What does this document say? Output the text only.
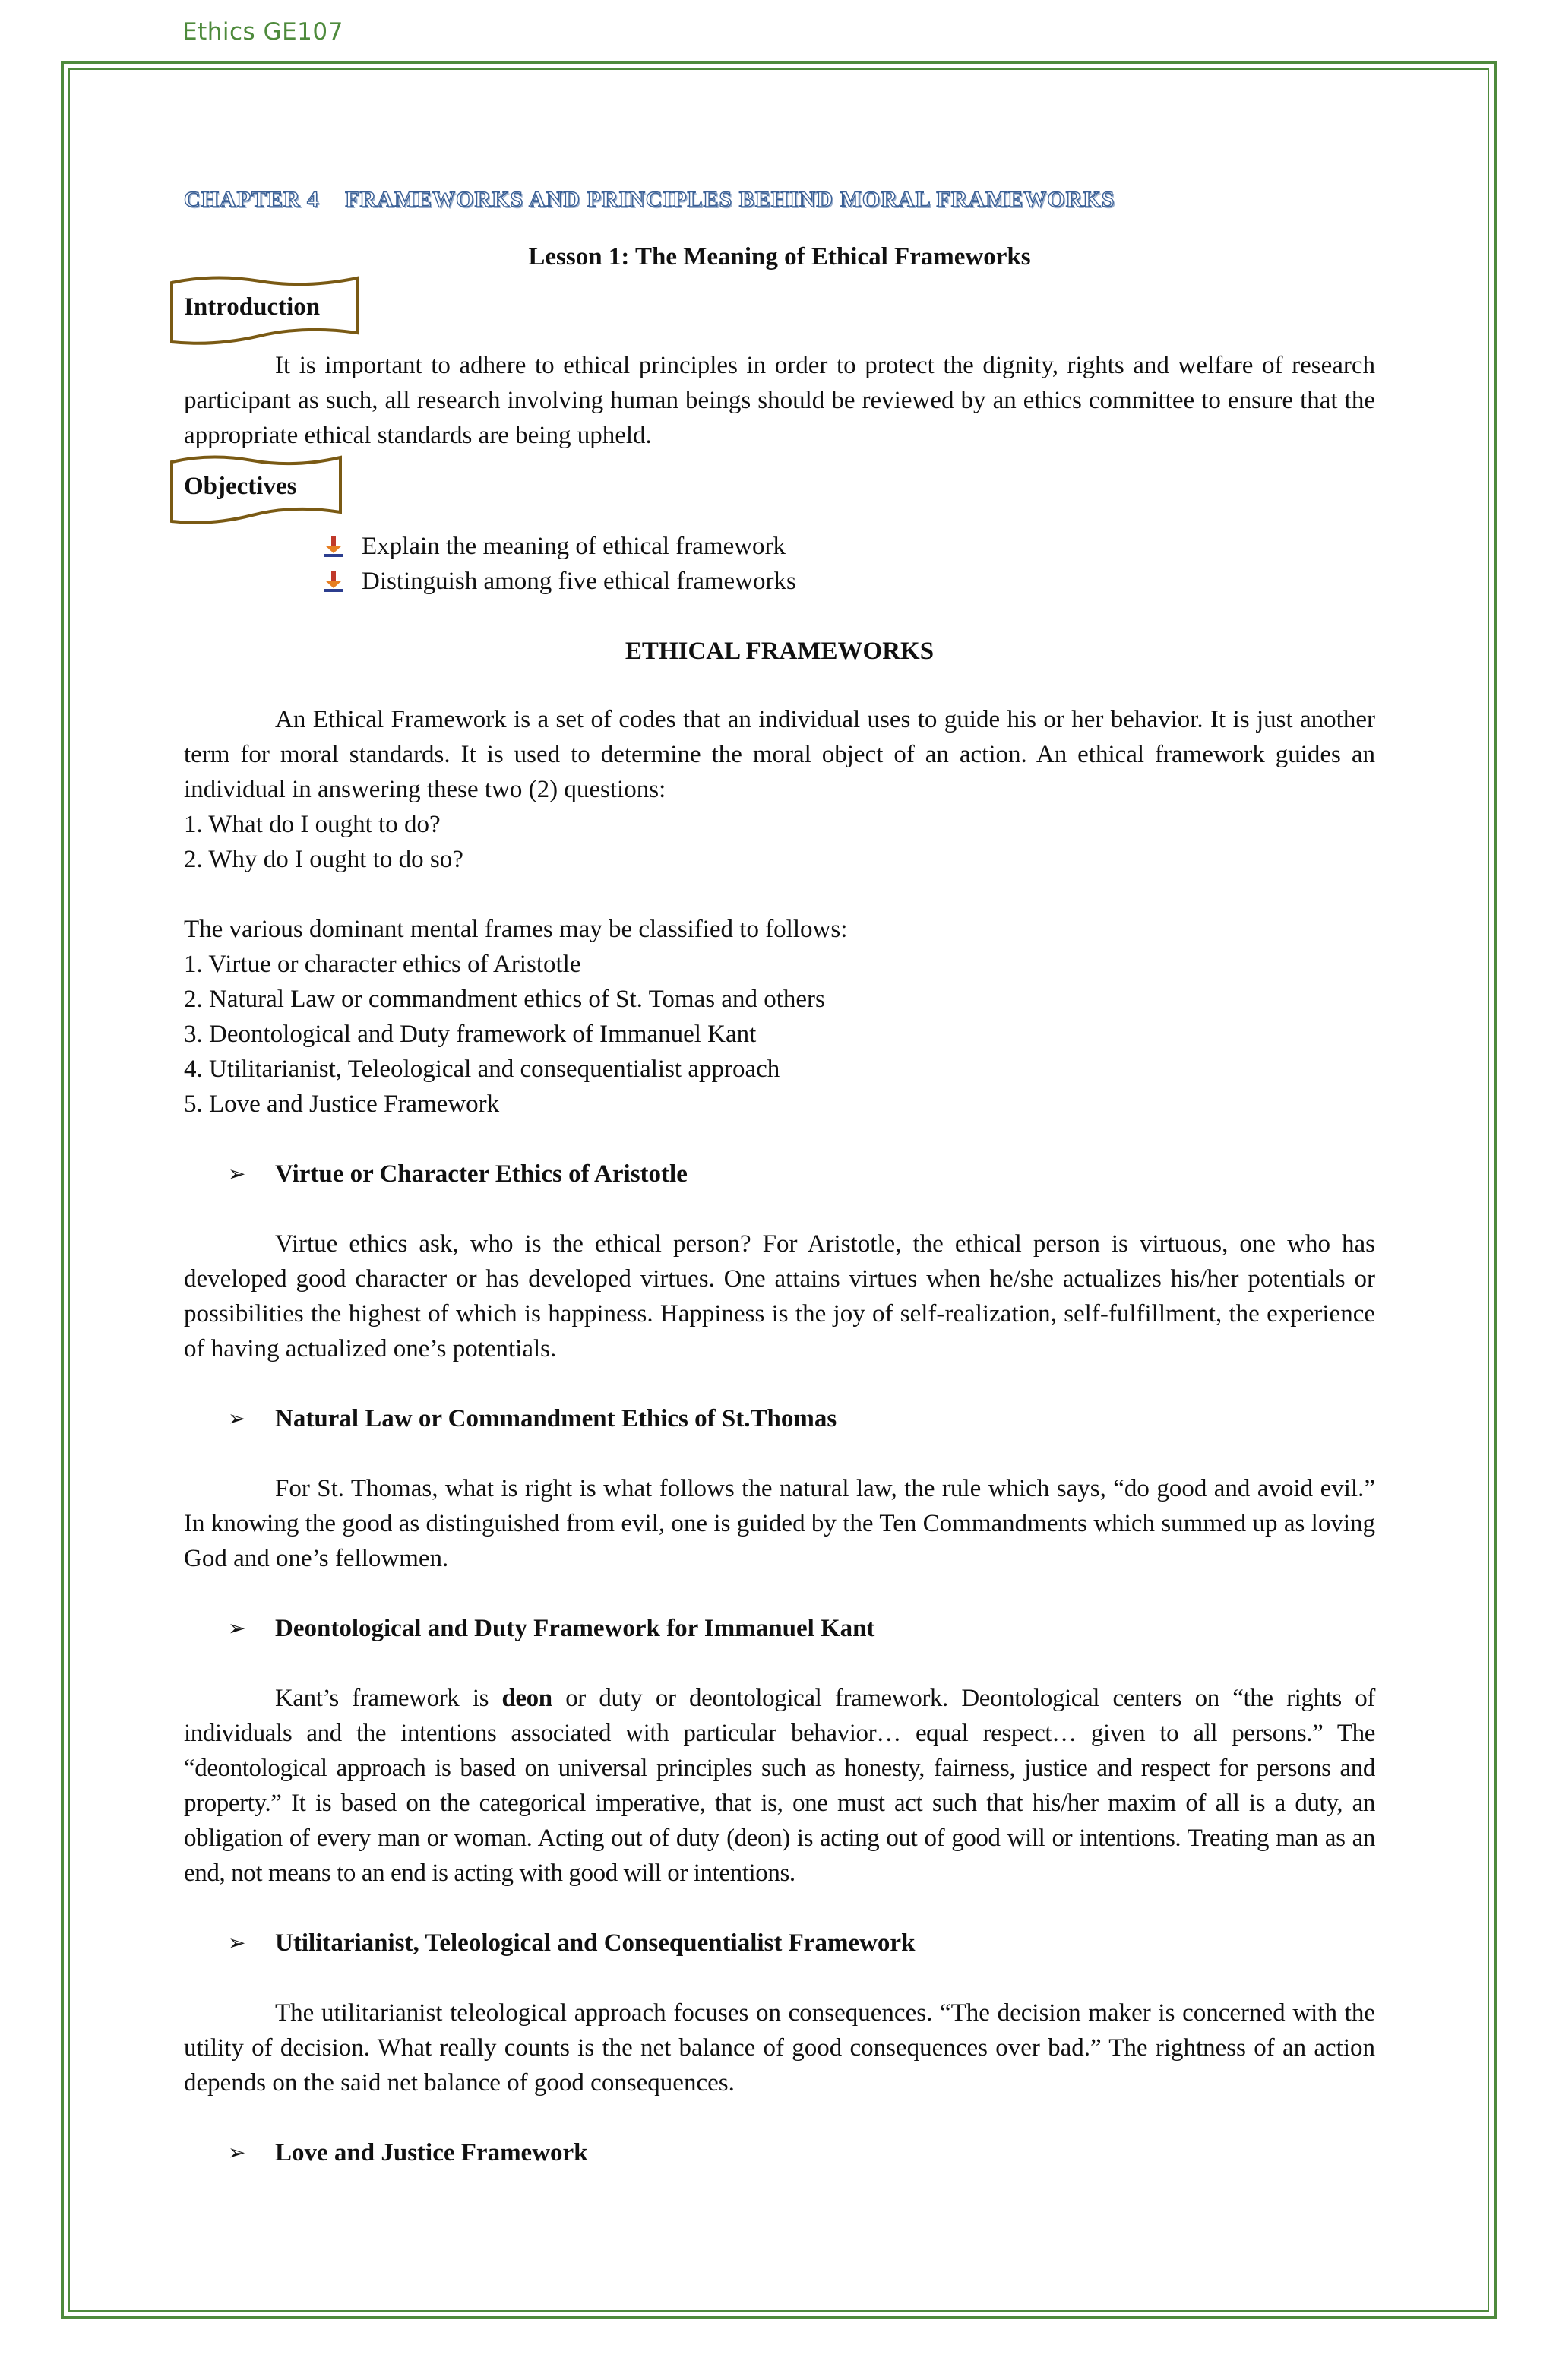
Ethics GE107
CHAPTER 4 FRAMEWORKS AND PRINCIPLES BEHIND MORAL FRAMEWORKS
Lesson 1: The Meaning of Ethical Frameworks
Introduction
It is important to adhere to ethical principles in order to protect the dignity, rights and welfare of research participant as such, all research involving human beings should be reviewed by an ethics committee to ensure that the appropriate ethical standards are being upheld.
Objectives
Explain the meaning of ethical framework
Distinguish among five ethical frameworks
ETHICAL FRAMEWORKS
An Ethical Framework is a set of codes that an individual uses to guide his or her behavior. It is just another term for moral standards. It is used to determine the moral object of an action. An ethical framework guides an individual in answering these two (2) questions:
1. What do I ought to do?
2. Why do I ought to do so?
The various dominant mental frames may be classified to follows:
1. Virtue or character ethics of Aristotle
2. Natural Law or commandment ethics of St. Tomas and others
3. Deontological and Duty framework of Immanuel Kant
4. Utilitarianist, Teleological and consequentialist approach
5. Love and Justice Framework
➢	Virtue or Character Ethics of Aristotle
Virtue ethics ask, who is the ethical person? For Aristotle, the ethical person is virtuous, one who has developed good character or has developed virtues. One attains virtues when he/she actualizes his/her potentials or possibilities the highest of which is happiness. Happiness is the joy of self-realization, self-fulfillment, the experience of having actualized one’s potentials.
➢	Natural Law or Commandment Ethics of St.Thomas
For St. Thomas, what is right is what follows the natural law, the rule which says, “do good and avoid evil.” In knowing the good as distinguished from evil, one is guided by the Ten Commandments which summed up as loving God and one’s fellowmen.
➢	Deontological and Duty Framework for Immanuel Kant
Kant’s framework is deon or duty or deontological framework. Deontological centers on “the rights of individuals and the intentions associated with particular behavior… equal respect… given to all persons.” The “deontological approach is based on universal principles such as honesty, fairness, justice and respect for persons and property.” It is based on the categorical imperative, that is, one must act such that his/her maxim of all is a duty, an obligation of every man or woman. Acting out of duty (deon) is acting out of good will or intentions. Treating man as an end, not means to an end is acting with good will or intentions.
➢	Utilitarianist, Teleological and Consequentialist Framework
The utilitarianist teleological approach focuses on consequences. “The decision maker is concerned with the utility of decision. What really counts is the net balance of good consequences over bad.” The rightness of an action depends on the said net balance of good consequences.
➢	Love and Justice Framework
